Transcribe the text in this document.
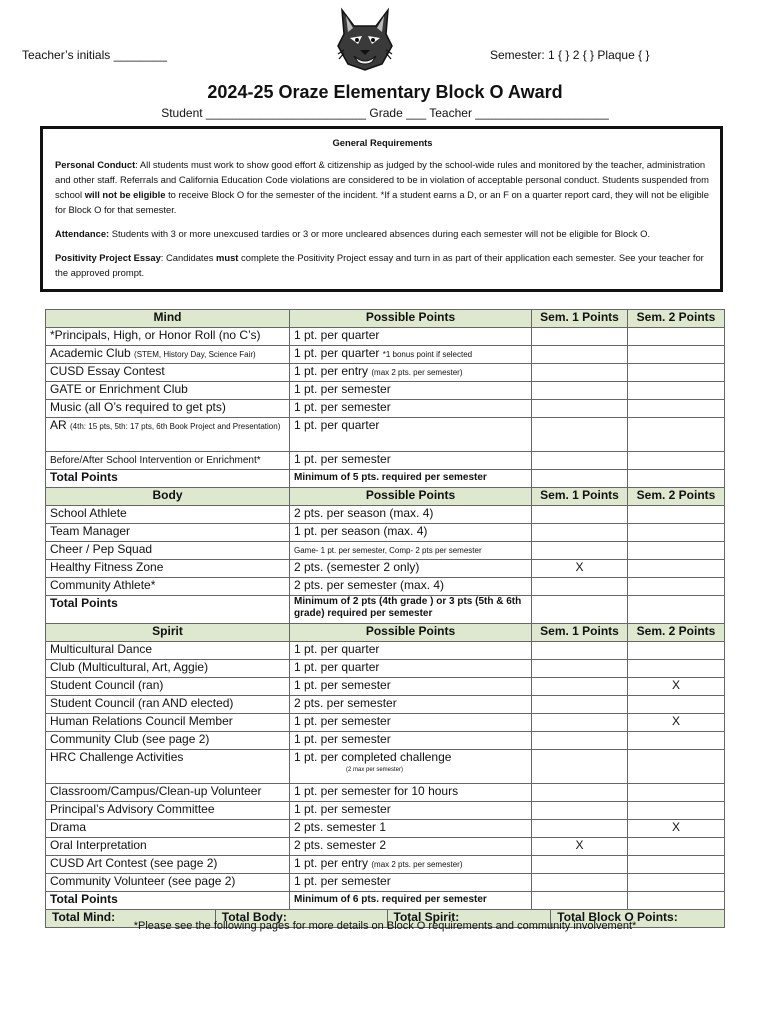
Teacher’s initials ________	Semester: 1 { } 2 { } Plaque { }
2024-25 Oraze Elementary Block O Award
Student ________________________ Grade ___ Teacher ____________________
General Requirements

Personal Conduct: All students must work to show good effort & citizenship as judged by the school-wide rules and monitored by the teacher, administration and other staff. Referrals and California Education Code violations are considered to be in violation of acceptable personal conduct. Students suspended from school will not be eligible to receive Block O for the semester of the incident. *If a student earns a D, or an F on a quarter report card, they will not be eligible for Block O for that semester.

Attendance: Students with 3 or more unexcused tardies or 3 or more uncleared absences during each semester will not be eligible for Block O.

Positivity Project Essay: Candidates must complete the Positivity Project essay and turn in as part of their application each semester. See your teacher for the approved prompt.

Mind	Possible Points	Sem. 1 Points	Sem. 2 Points
*Principals, High, or Honor Roll (no C’s)	1 pt. per quarter		
Academic Club (STEM, History Day, Science Fair)	1 pt. per quarter *1 bonus point if selected		
CUSD Essay Contest	1 pt. per entry (max 2 pts. per semester)		
GATE or Enrichment Club	1 pt. per semester		
Music (all O’s required to get pts)	1 pt. per semester		
AR (4th: 15 pts, 5th: 17 pts, 6th Book Project and Presentation)	1 pt. per quarter		
Before/After School Intervention or Enrichment*	1 pt. per semester		
Total Points	Minimum of 5 pts. required per semester		
Body	Possible Points	Sem. 1 Points	Sem. 2 Points
School Athlete	2 pts. per season (max. 4)		
Team Manager	1 pt. per season (max. 4)		
Cheer / Pep Squad	Game- 1 pt. per semester, Comp- 2 pts per semester		
Healthy Fitness Zone	2 pts. (semester 2 only)	X	
Community Athlete*	2 pts. per semester (max. 4)		
Total Points	Minimum of 2 pts (4th grade ) or 3 pts (5th & 6th grade) required per semester		
Spirit	Possible Points	Sem. 1 Points	Sem. 2 Points
Multicultural Dance	1 pt. per quarter		
Club (Multicultural, Art, Aggie)	1 pt. per quarter		
Student Council (ran)	1 pt. per semester		X
Student Council (ran AND elected)	2 pts. per semester		
Human Relations Council Member	1 pt. per semester		X
Community Club (see page 2)	1 pt. per semester		
HRC Challenge Activities	1 pt. per completed challenge
(2 max per semester)		

Classroom/Campus/Clean-up Volunteer	1 pt. per semester for 10 hours		
Principal’s Advisory Committee	1 pt. per semester		
Drama	2 pts. semester 1		X
Oral Interpretation	2 pts. semester 2	X	
CUSD Art Contest (see page 2)	1 pt. per entry (max 2 pts. per semester)		
Community Volunteer (see page 2)	1 pt. per semester		
Total Points	Minimum of 6 pts. required per semester		

Total Mind: Total Body: Total Spirit: Total Block O Points:			
*Please see the following pages for more details on Block O requirements and community involvement*
